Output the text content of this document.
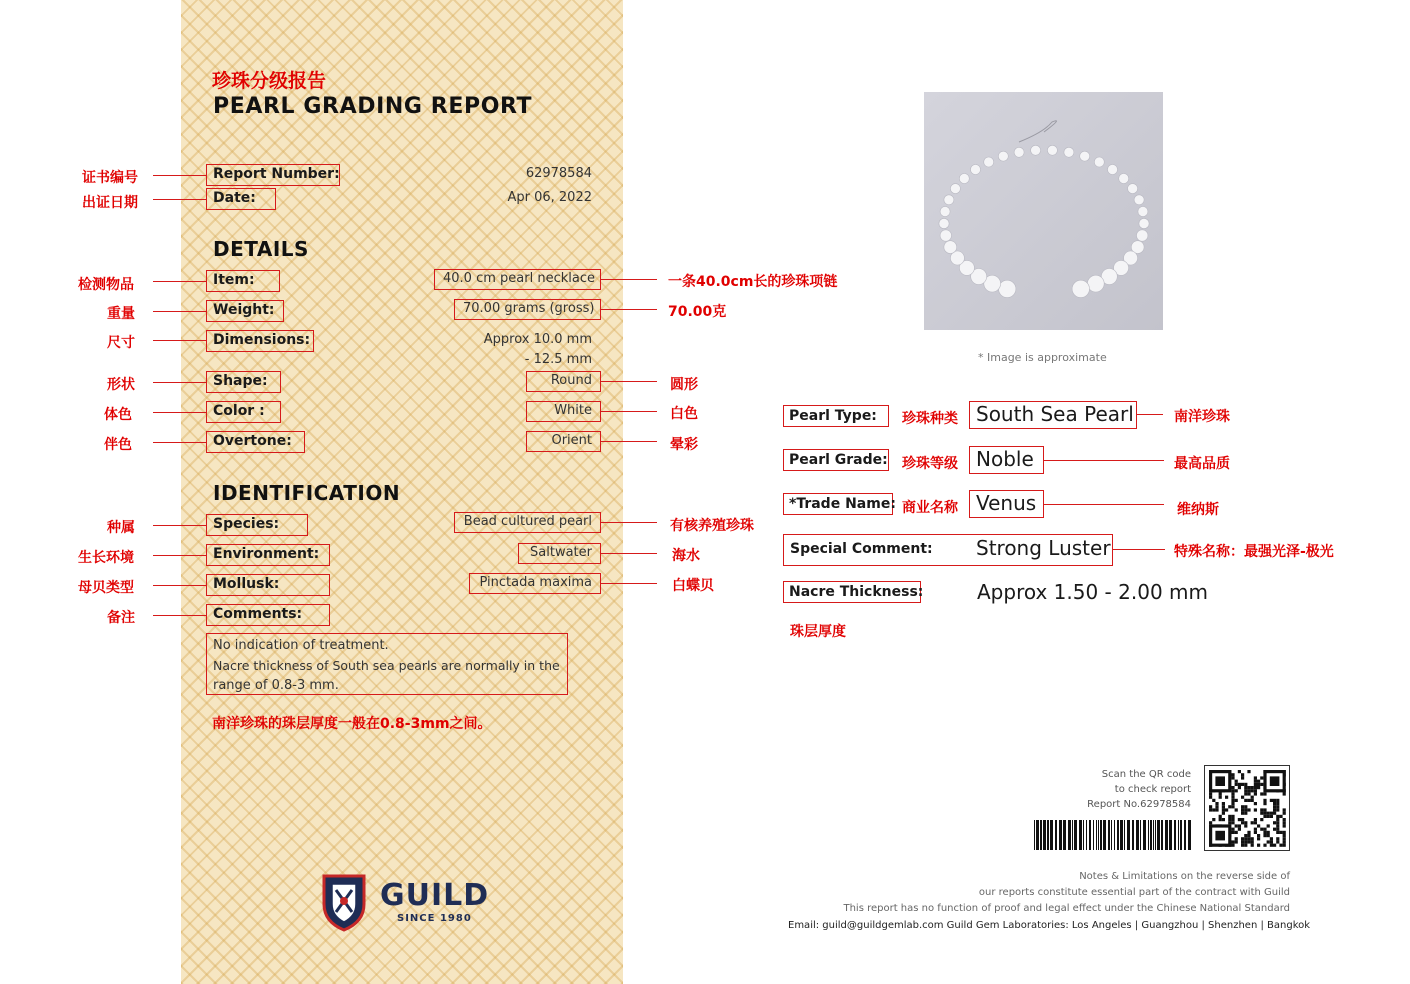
珍珠分级报告
PEARL GRADING REPORT
证书编号	Report Number:	62978584
出证日期	Date:	Apr 06, 2022
DETAILS
检测物品	Item:	40.0 cm pearl necklace	一条40.0cm长的珍珠项链
重量	Weight:	70.00 grams (gross)	70.00克
尺寸	Dimensions:	Approx 10.0 mm
- 12.5 mm
形状	Shape:	Round	圆形
体色	Color :	White	白色
伴色	Overtone:	Orient	晕彩
IDENTIFICATION
种属	Species:	Bead cultured pearl	有核养殖珍珠
生长环境	Environment:	Saltwater	海水
母贝类型	Mollusk:	Pinctada maxima	白蝶贝
备注	Comments:
No indication of treatment.
Nacre thickness of South sea pearls are normally in the
range of 0.8-3 mm.
南洋珍珠的珠层厚度一般在0.8-3mm之间。
GUILD
SINCE 1980
* Image is approximate
Pearl Type:	珍珠种类 South Sea Pearl	南洋珍珠
Pearl Grade: 珍珠等级 Noble	最高品质
*Trade Name: 商业名称 Venus	维纳斯
Special Comment:	Strong Luster	特殊名称：最强光泽-极光
Nacre Thickness:	Approx 1.50 - 2.00 mm
珠层厚度
Scan the QR code
to check report
Report No.62978584
Notes & Limitations on the reverse side of
our reports constitute essential part of the contract with Guild
This report has no function of proof and legal effect under the Chinese National Standard
Email: guild@guildgemlab.com Guild Gem Laboratories: Los Angeles | Guangzhou | Shenzhen | Bangkok
